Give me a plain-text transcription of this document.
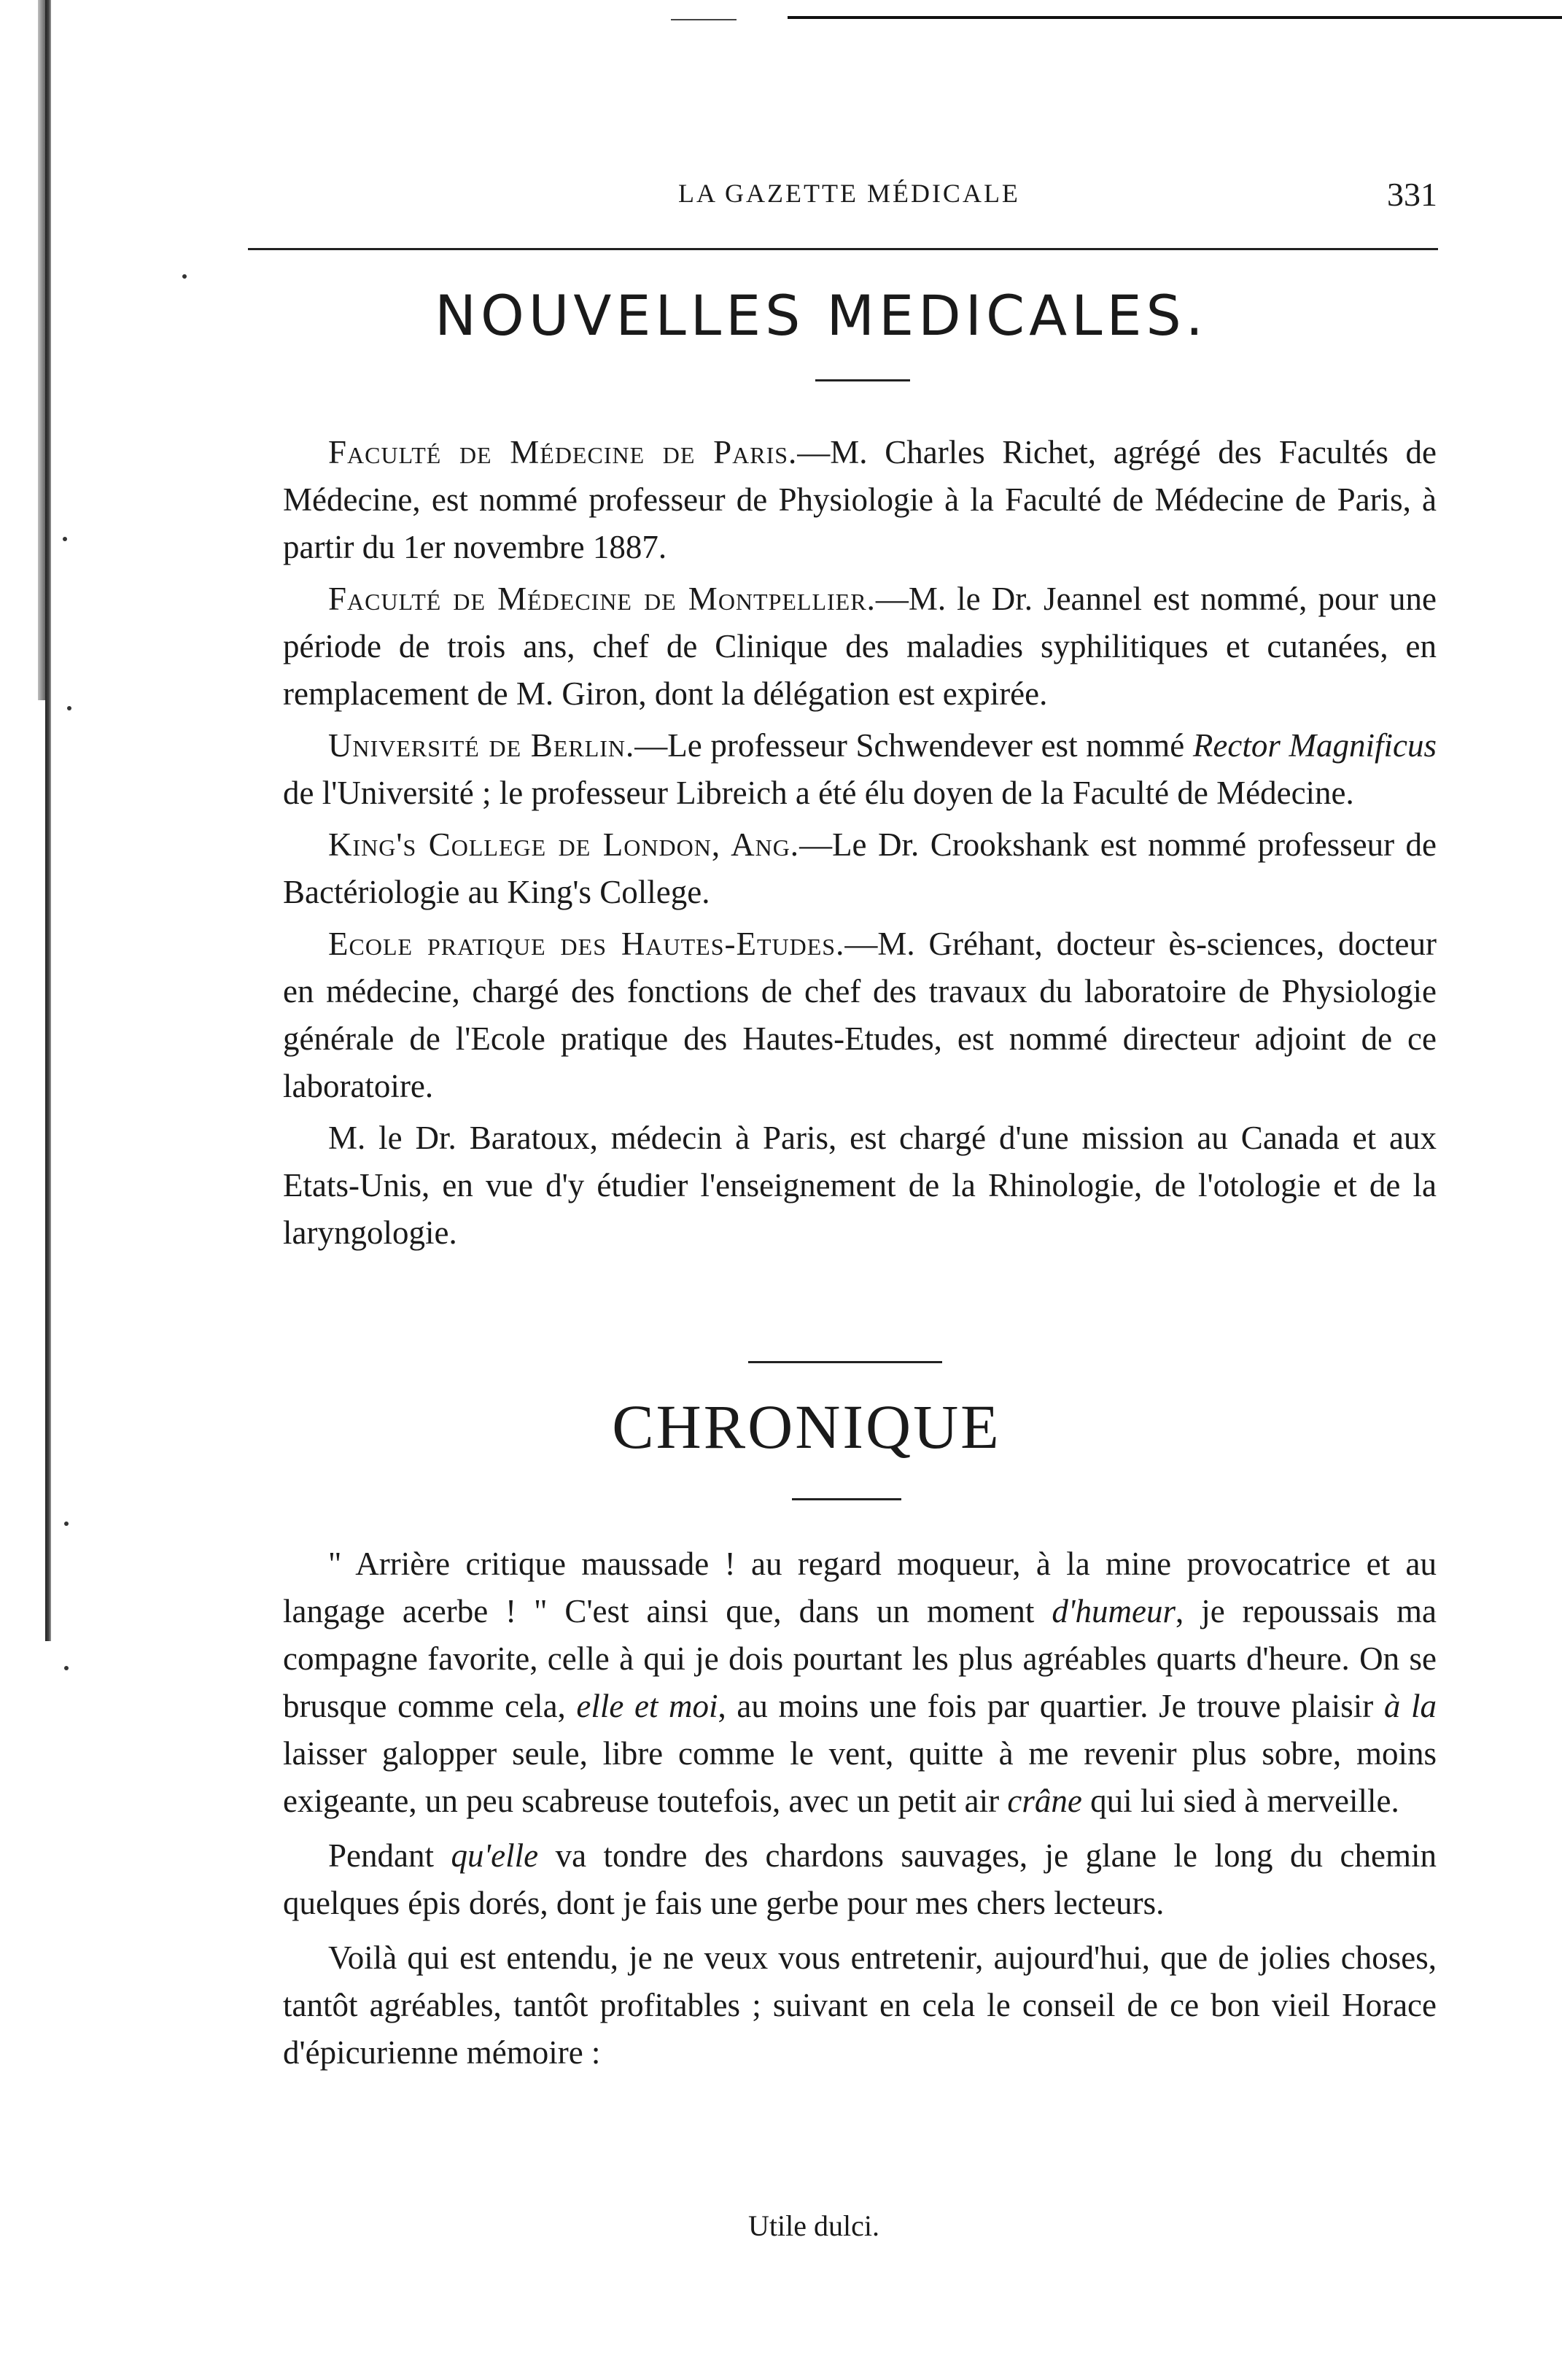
LA GAZETTE MÉDICALE	331
NOUVELLES MEDICALES.

Faculté de Médecine de Paris.—M. Charles Richet, agrégé des Facultés de Médecine, est nommé professeur de Physiologie à la Faculté de Médecine de Paris, à partir du 1er novembre 1887.

Faculté de Médecine de Montpellier.—M. le Dr. Jeannel est nommé, pour une période de trois ans, chef de Clinique des maladies syphilitiques et cutanées, en remplacement de M. Giron, dont la délégation est expirée.

Université de Berlin.—Le professeur Schwendever est nommé Rector Magnificus de l'Université ; le professeur Libreich a été élu doyen de la Faculté de Médecine.

King's College de London, Ang.—Le Dr. Crookshank est nommé professeur de Bactériologie au King's College.

Ecole pratique des Hautes-Etudes.—M. Gréhant, docteur ès-sciences, docteur en médecine, chargé des fonctions de chef des travaux du laboratoire de Physiologie générale de l'Ecole pratique des Hautes-Etudes, est nommé directeur adjoint de ce laboratoire.

M. le Dr. Baratoux, médecin à Paris, est chargé d'une mission au Canada et aux Etats-Unis, en vue d'y étudier l'enseignement de la Rhinologie, de l'otologie et de la laryngologie.

CHRONIQUE

" Arrière critique maussade ! au regard moqueur, à la mine provocatrice et au langage acerbe ! " C'est ainsi que, dans un moment d'humeur, je repoussais ma compagne favorite, celle à qui je dois pourtant les plus agréables quarts d'heure. On se brusque comme cela, elle et moi, au moins une fois par quartier. Je trouve plaisir à la laisser galopper seule, libre comme le vent, quitte à me revenir plus sobre, moins exigeante, un peu scabreuse toutefois, avec un petit air crâne qui lui sied à merveille.

Pendant qu'elle va tondre des chardons sauvages, je glane le long du chemin quelques épis dorés, dont je fais une gerbe pour mes chers lecteurs.

Voilà qui est entendu, je ne veux vous entretenir, aujourd'hui, que de jolies choses, tantôt agréables, tantôt profitables ; suivant en cela le conseil de ce bon vieil Horace d'épicurienne mémoire :

Utile dulci.
